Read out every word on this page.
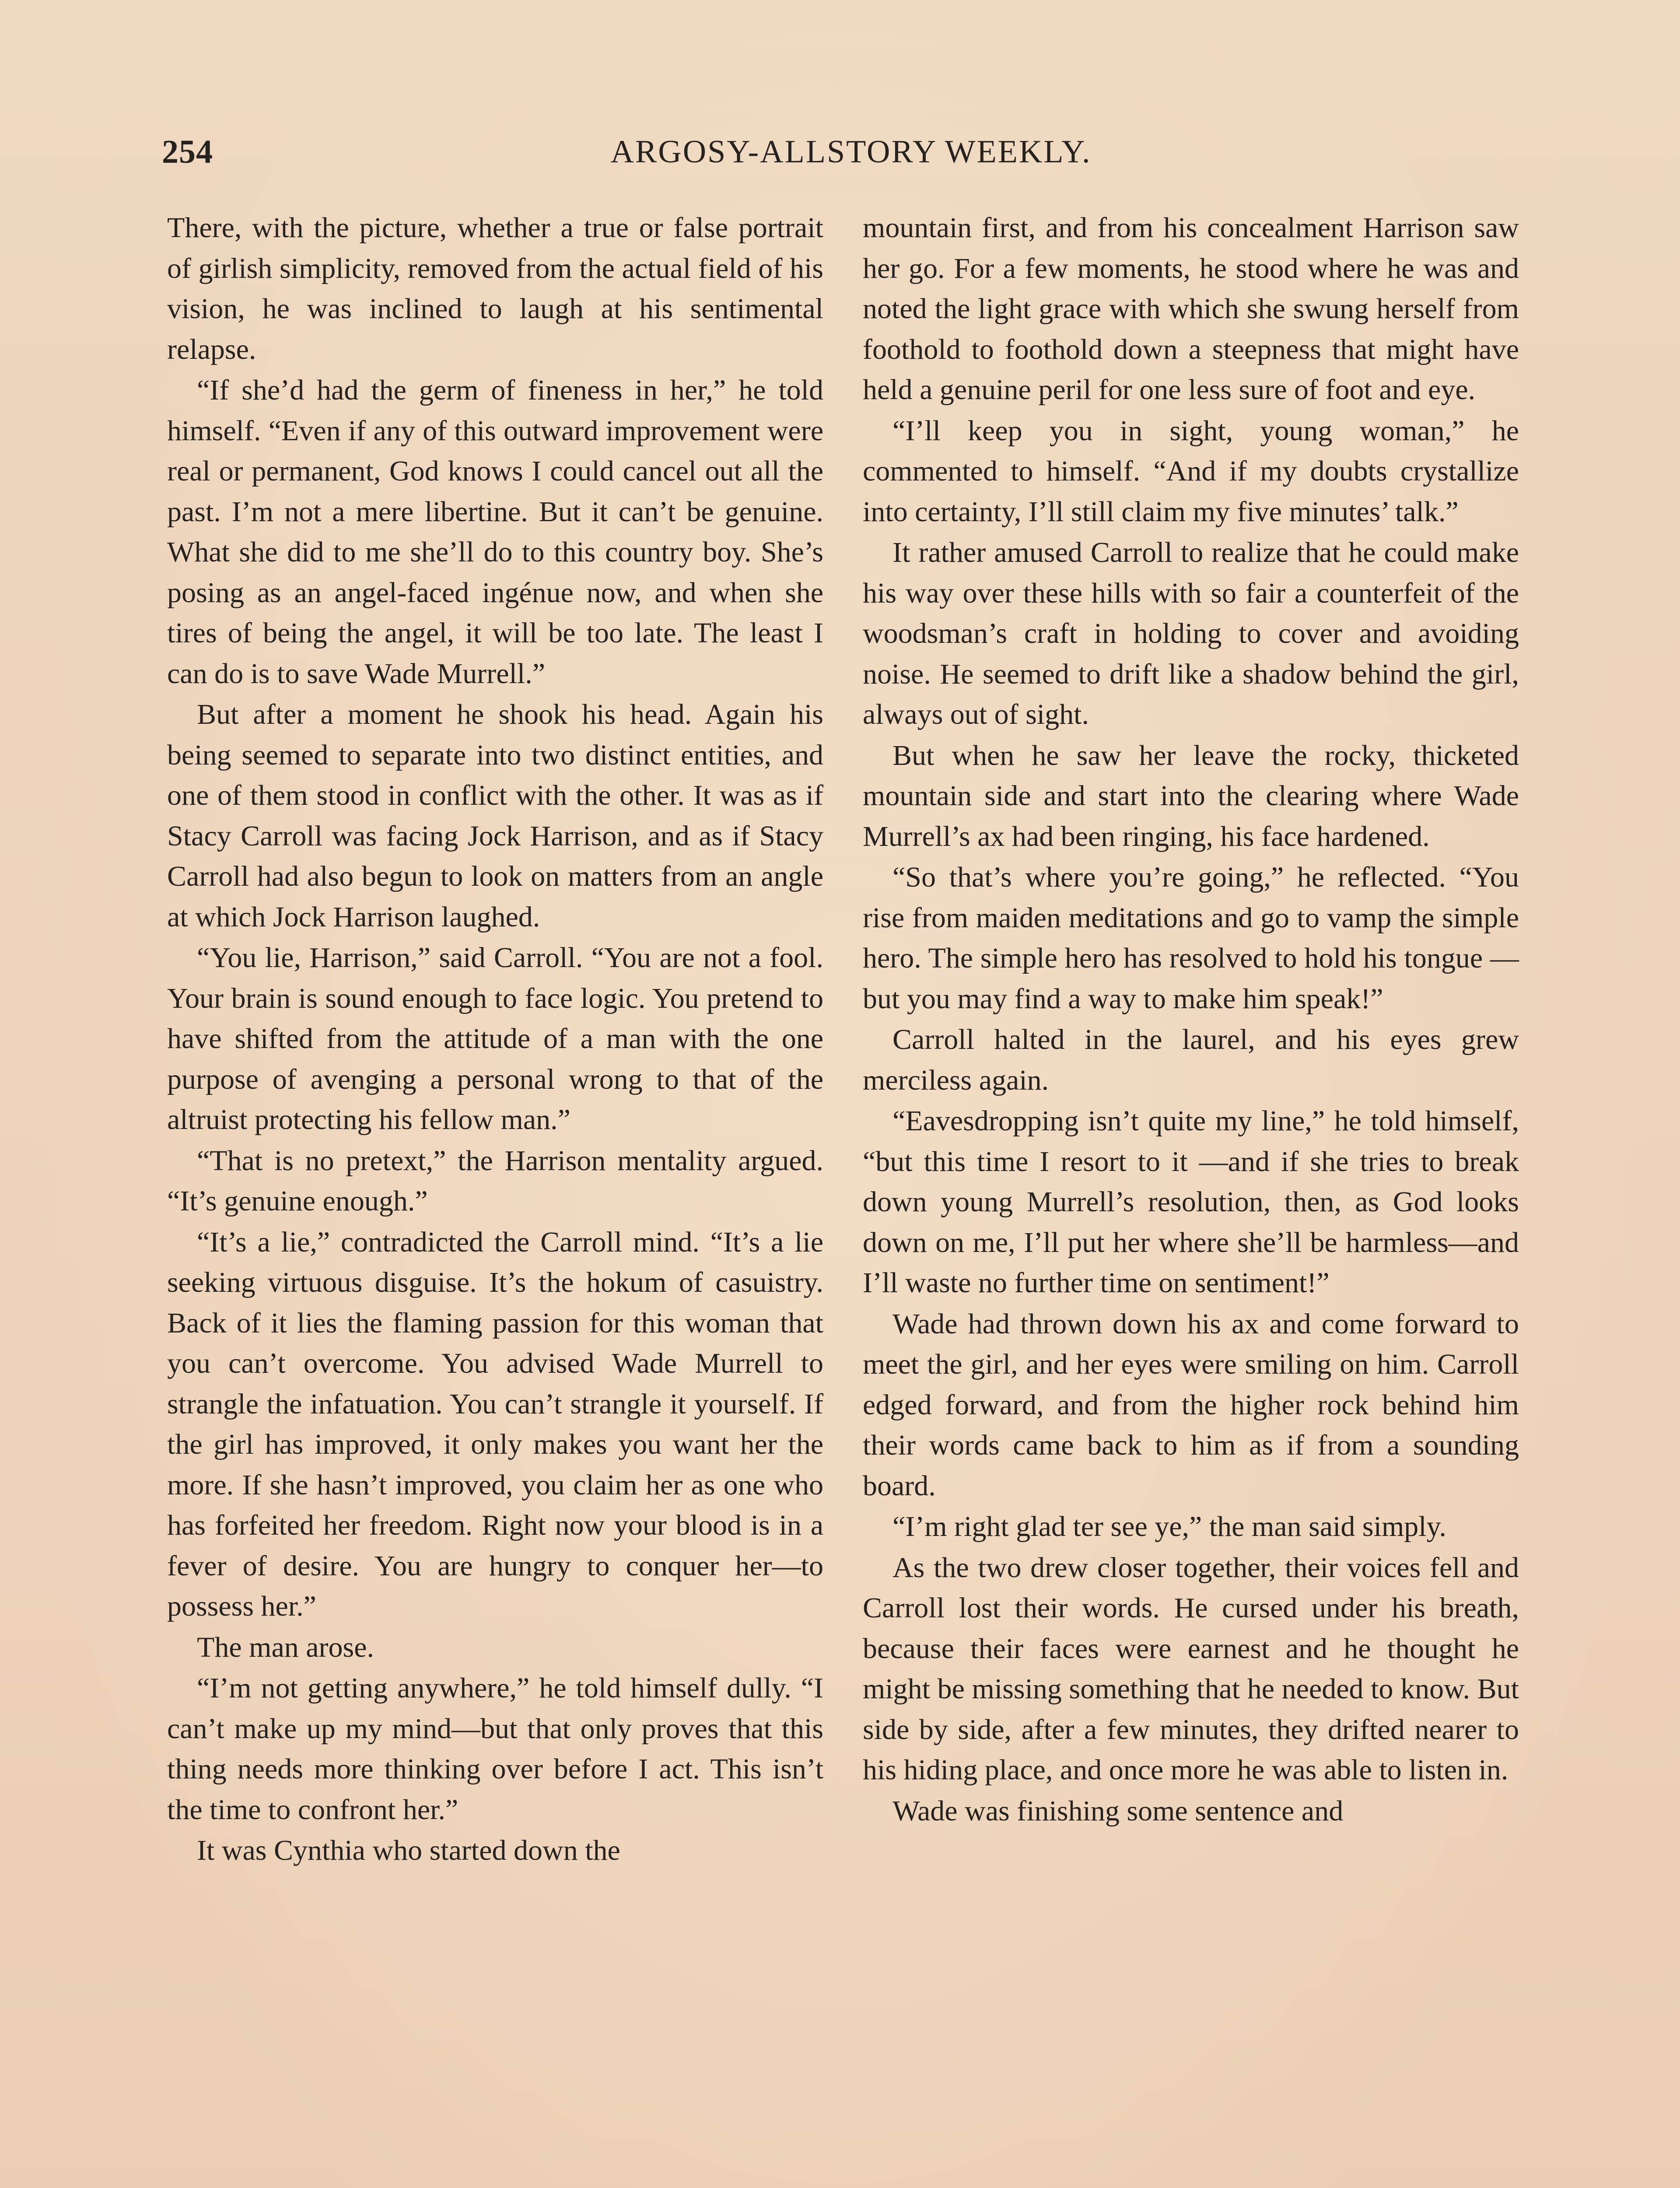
254	ARGOSY-ALLSTORY WEEKLY.

There, with the picture, whether a true or false portrait of girlish simplicity, removed from the actual field of his vision, he was inclined to laugh at his sentimental relapse.

“If she’d had the germ of fineness in her,” he told himself. “Even if any of this outward improvement were real or permanent, God knows I could cancel out all the past. I’m not a mere libertine. But it can’t be genuine. What she did to me she’ll do to this country boy. She’s posing as an angel-faced ingénue now, and when she tires of being the angel, it will be too late. The least I can do is to save Wade Murrell.”

But after a moment he shook his head. Again his being seemed to separate into two distinct entities, and one of them stood in conflict with the other. It was as if Stacy Carroll was facing Jock Harrison, and as if Stacy Carroll had also begun to look on matters from an angle at which Jock Harrison laughed.

“You lie, Harrison,” said Carroll. “You are not a fool. Your brain is sound enough to face logic. You pretend to have shifted from the attitude of a man with the one purpose of avenging a personal wrong to that of the altruist protecting his fellow man.”

“That is no pretext,” the Harrison mentality argued. “It’s genuine enough.”

“It’s a lie,” contradicted the Carroll mind. “It’s a lie seeking virtuous disguise. It’s the hokum of casuistry. Back of it lies the flaming passion for this woman that you can’t overcome. You advised Wade Murrell to strangle the infatuation. You can’t strangle it yourself. If the girl has improved, it only makes you want her the more. If she hasn’t improved, you claim her as one who has forfeited her freedom. Right now your blood is in a fever of desire. You are hungry to conquer her—to possess her.”

The man arose.

“I’m not getting anywhere,” he told himself dully. “I can’t make up my mind—but that only proves that this thing needs more thinking over before I act. This isn’t the time to confront her.”

It was Cynthia who started down the

mountain first, and from his concealment Harrison saw her go. For a few moments, he stood where he was and noted the light grace with which she swung herself from foothold to foothold down a steepness that might have held a genuine peril for one less sure of foot and eye.

“I’ll keep you in sight, young woman,” he commented to himself. “And if my doubts crystallize into certainty, I’ll still claim my five minutes’ talk.”

It rather amused Carroll to realize that he could make his way over these hills with so fair a counterfeit of the woodsman’s craft in holding to cover and avoiding noise. He seemed to drift like a shadow behind the girl, always out of sight.

But when he saw her leave the rocky, thicketed mountain side and start into the clearing where Wade Murrell’s ax had been ringing, his face hardened.

“So that’s where you’re going,” he reflected. “You rise from maiden meditations and go to vamp the simple hero. The simple hero has resolved to hold his tongue —but you may find a way to make him speak!”

Carroll halted in the laurel, and his eyes grew merciless again.

“Eavesdropping isn’t quite my line,” he told himself, “but this time I resort to it —and if she tries to break down young Murrell’s resolution, then, as God looks down on me, I’ll put her where she’ll be harmless—and I’ll waste no further time on sentiment!”

Wade had thrown down his ax and come forward to meet the girl, and her eyes were smiling on him. Carroll edged forward, and from the higher rock behind him their words came back to him as if from a sounding board.

“I’m right glad ter see ye,” the man said simply.

As the two drew closer together, their voices fell and Carroll lost their words. He cursed under his breath, because their faces were earnest and he thought he might be missing something that he needed to know. But side by side, after a few minutes, they drifted nearer to his hiding place, and once more he was able to listen in.

Wade was finishing some sentence and
